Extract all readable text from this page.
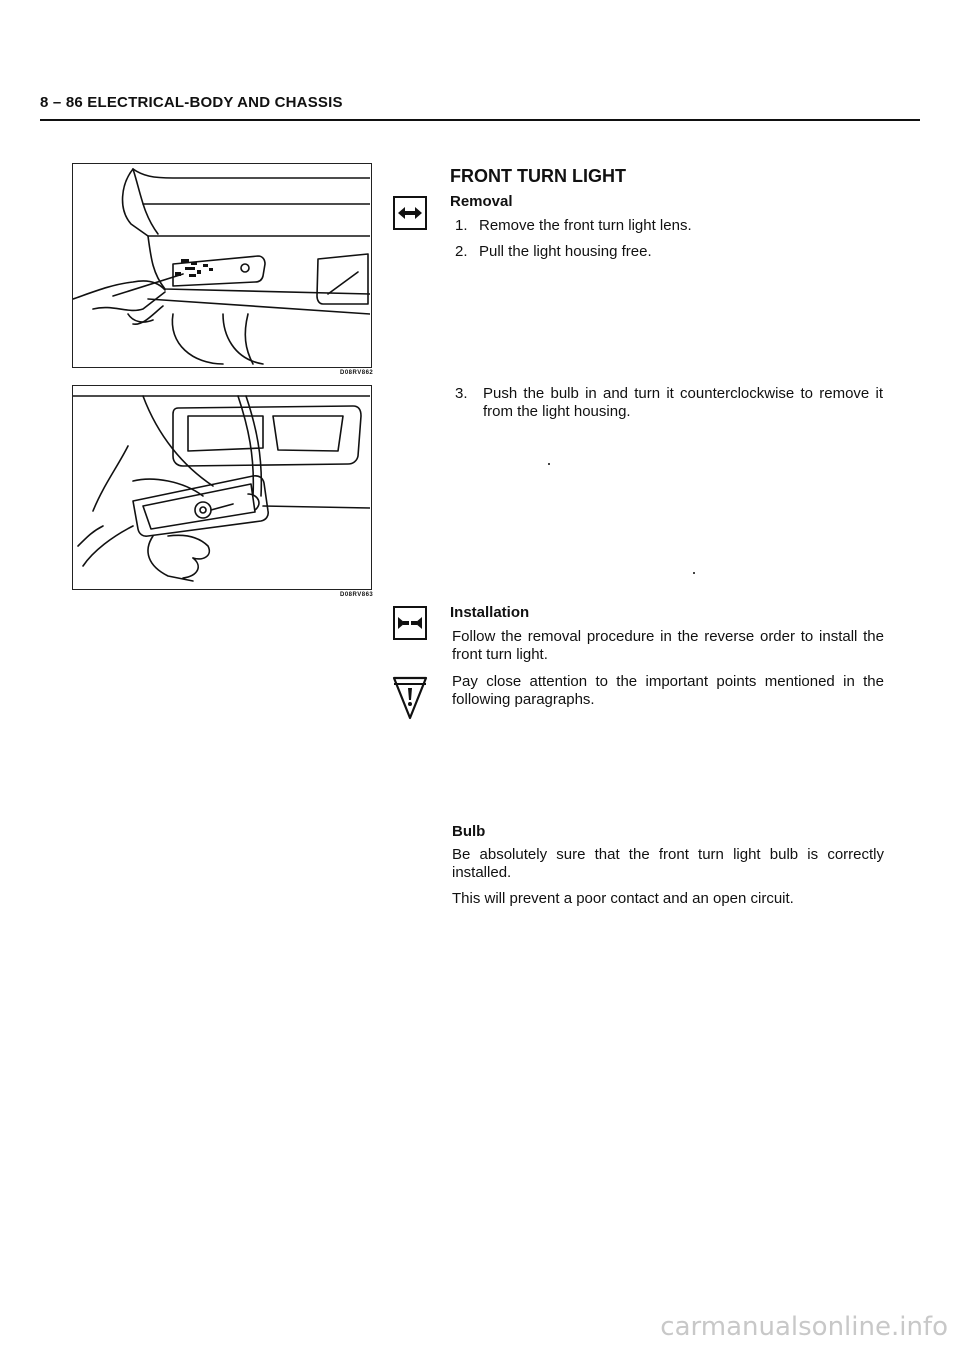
8 – 86 ELECTRICAL-BODY AND CHASSIS
D08RV862
D08RV863
FRONT TURN LIGHT
Removal
1. Remove the front turn light lens.
2. Pull the light housing free.
3.	Push the bulb in and turn it counterclockwise to remove it from the light housing.
Installation
Follow the removal procedure in the reverse order to install the front turn light.
Pay close attention to the important points mentioned in the following paragraphs.
Bulb
Be absolutely sure that the front turn light bulb is correctly installed.
This will prevent a poor contact and an open circuit.
carmanualsonline.info
